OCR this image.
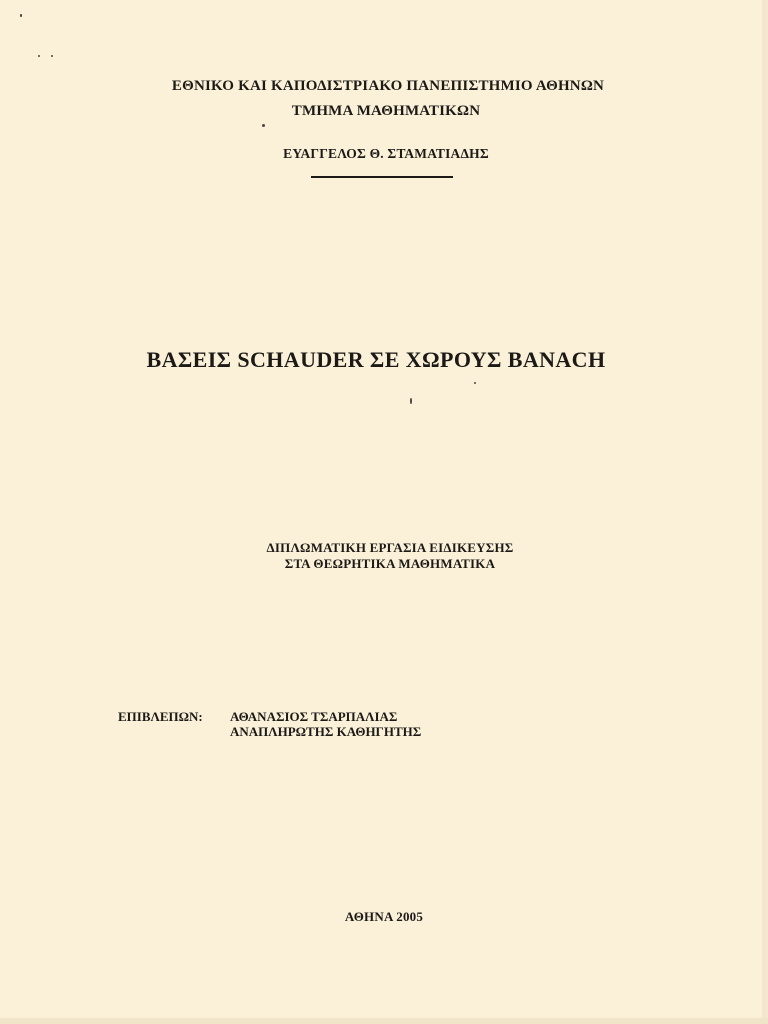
ΕΘΝΙΚΟ ΚΑΙ ΚΑΠΟΔΙΣΤΡΙΑΚΟ ΠΑΝΕΠΙΣΤΗΜΙΟ ΑΘΗΝΩΝ
ΤΜΗΜΑ ΜΑΘΗΜΑΤΙΚΩΝ
ΕΥΑΓΓΕΛΟΣ Θ. ΣΤΑΜΑΤΙΑΔΗΣ
ΒΑΣΕΙΣ SCHAUDER ΣΕ ΧΩΡΟΥΣ BANACH
ΔΙΠΛΩΜΑΤΙΚΗ ΕΡΓΑΣΙΑ ΕΙΔΙΚΕΥΣΗΣ
ΣΤΑ ΘΕΩΡΗΤΙΚΑ ΜΑΘΗΜΑΤΙΚΑ
ΕΠΙΒΛΕΠΩΝ: ΑΘΑΝΑΣΙΟΣ ΤΣΑΡΠΑΛΙΑΣ
ΑΝΑΠΛΗΡΩΤΗΣ ΚΑΘΗΓΗΤΗΣ
ΑΘΗΝΑ 2005
